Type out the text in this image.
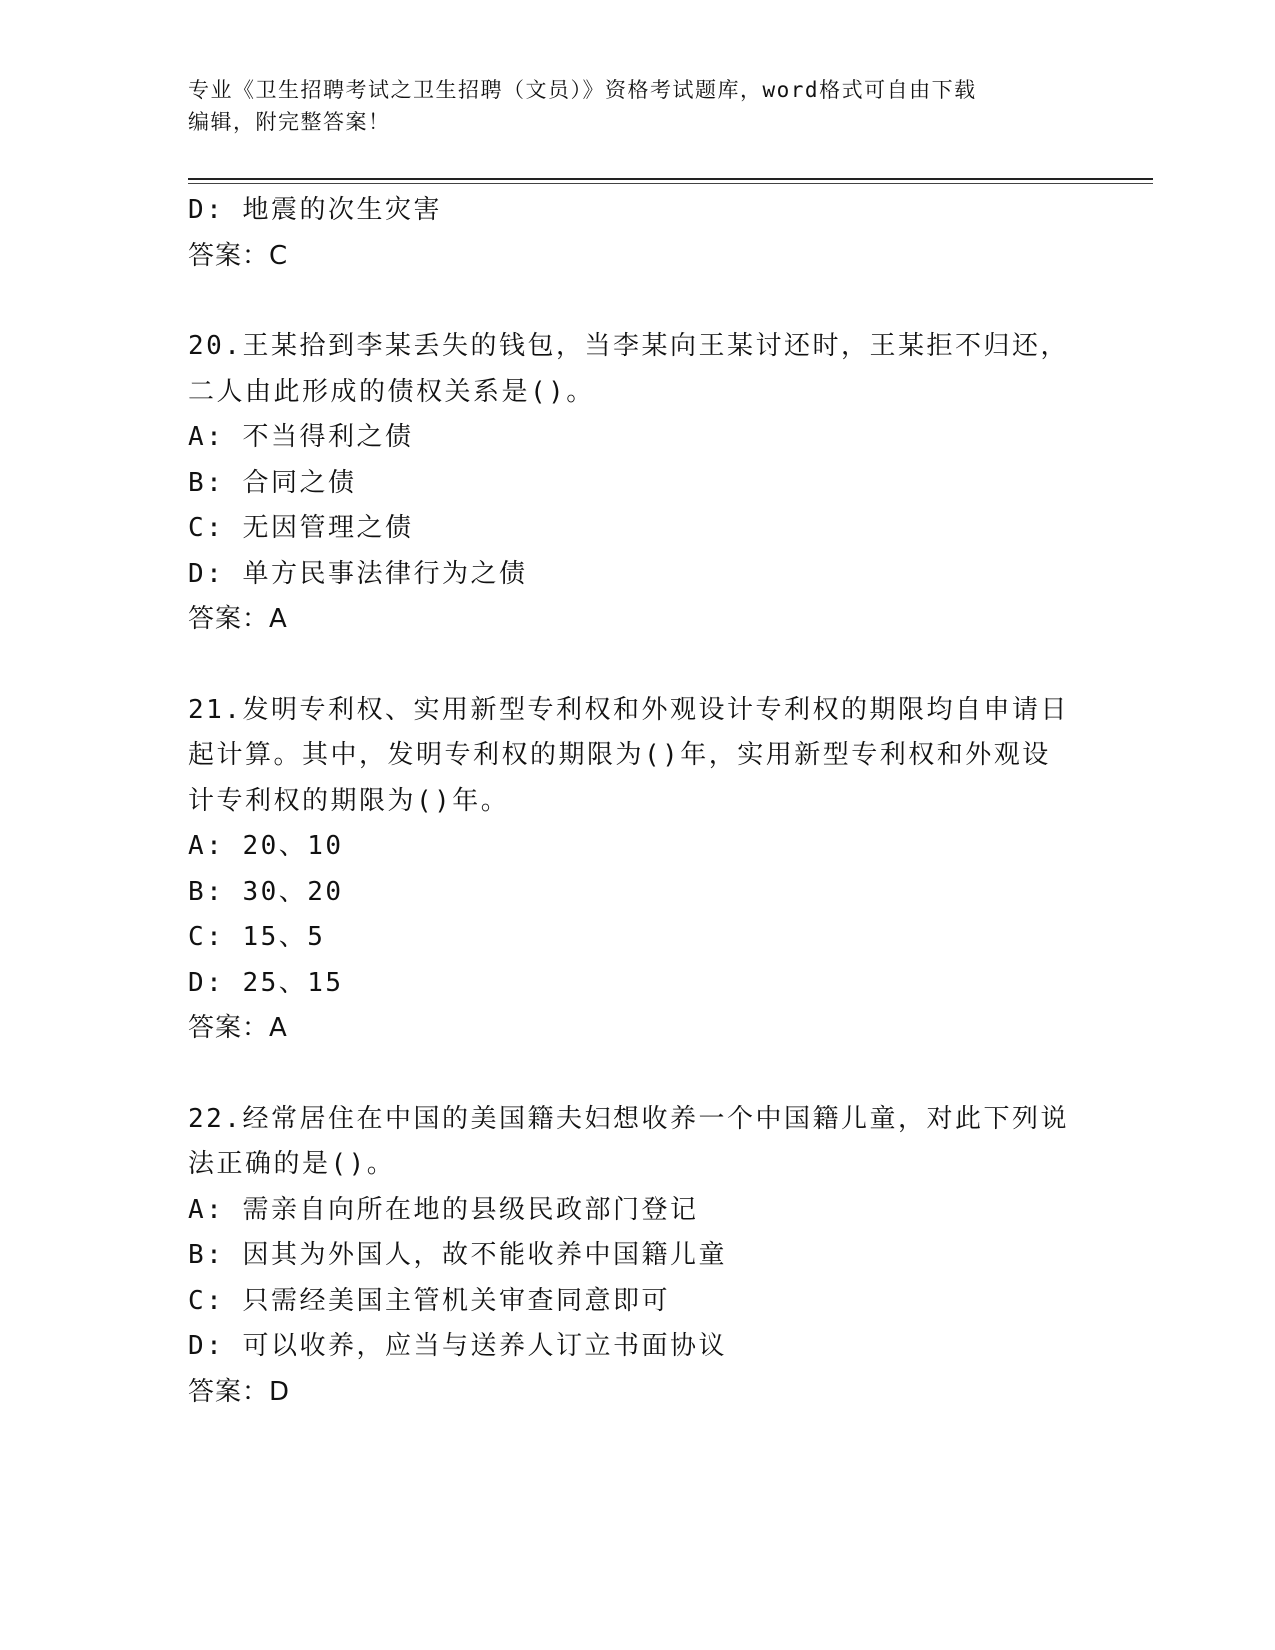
专业《卫生招聘考试之卫生招聘（文员）》资格考试题库，word格式可自由下载
编辑，附完整答案！
D: 地震的次生灾害
答案：C
20.王某拾到李某丢失的钱包，当李某向王某讨还时，王某拒不归还，
二人由此形成的债权关系是()。
A: 不当得利之债
B: 合同之债
C: 无因管理之债
D: 单方民事法律行为之债
答案：A
21.发明专利权、实用新型专利权和外观设计专利权的期限均自申请日
起计算。其中，发明专利权的期限为()年，实用新型专利权和外观设
计专利权的期限为()年。
A: 20、10
B: 30、20
C: 15、5
D: 25、15
答案：A
22.经常居住在中国的美国籍夫妇想收养一个中国籍儿童，对此下列说
法正确的是()。
A: 需亲自向所在地的县级民政部门登记
B: 因其为外国人，故不能收养中国籍儿童
C: 只需经美国主管机关审查同意即可
D: 可以收养，应当与送养人订立书面协议
答案：D
